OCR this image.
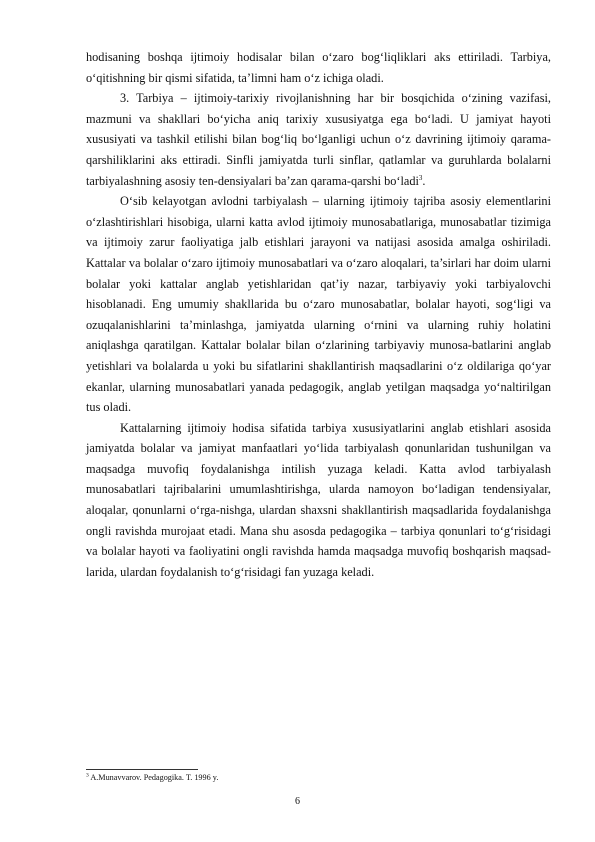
hodisaning boshqa ijtimoiy hodisalar bilan o‘zaro bog‘liqliklari aks ettiriladi. Tarbiya, o‘qitishning bir qismi sifatida, ta’limni ham o‘z ichiga oladi.

3. Tarbiya – ijtimoiy-tarixiy rivojlanishning har bir bosqichida o‘zining vazifasi, mazmuni va shakllari bo‘yicha aniq tarixiy xususiyatga ega bo‘ladi. U jamiyat hayoti xususiyati va tashkil etilishi bilan bog‘liq bo‘lganligi uchun o‘z davrining ijtimoiy qarama-qarshiliklarini aks ettiradi. Sinfli jamiyatda turli sinflar, qatlamlar va guruhlarda bolalarni tarbiyalashning asosiy ten-densiyalari ba’zan qarama-qarshi bo‘ladi$^3$.

O‘sib kelayotgan avlodni tarbiyalash – ularning ijtimoiy tajriba asosiy elementlarini o‘zlashtirishlari hisobiga, ularni katta avlod ijtimoiy munosabatlariga, munosabatlar tizimiga va ijtimoiy zarur faoliyatiga jalb etishlari jarayoni va natijasi asosida amalga oshiriladi. Kattalar va bolalar o‘zaro ijtimoiy munosabatlari va o‘zaro aloqalari, ta’sirlari har doim ularni bolalar yoki kattalar anglab yetishlaridan qat’iy nazar, tarbiyaviy yoki tarbiyalovchi hisoblanadi. Eng umumiy shakllarida bu o‘zaro munosabatlar, bolalar hayoti, sog‘ligi va ozuqalanishlarini ta’minlashga, jamiyatda ularning o‘rnini va ularning ruhiy holatini aniqlashga qaratilgan. Kattalar bolalar bilan o‘zlarining tarbiyaviy munosa-batlarini anglab yetishlari va bolalarda u yoki bu sifatlarini shakllantirish maqsadlarini o‘z oldilariga qo‘yar ekanlar, ularning munosabatlari yanada pedagogik, anglab yetilgan maqsadga yo‘naltirilgan tus oladi.

Kattalarning ijtimoiy hodisa sifatida tarbiya xususiyatlarini anglab etishlari asosida jamiyatda bolalar va jamiyat manfaatlari yo‘lida tarbiyalash qonunlaridan tushunilgan va maqsadga muvofiq foydalanishga intilish yuzaga keladi. Katta avlod tarbiyalash munosabatlari tajribalarini umumlashtirishga, ularda namoyon bo‘ladigan tendensiyalar, aloqalar, qonunlarni o‘rga-nishga, ulardan shaxsni shakllantirish maqsadlarida foydalanishga ongli ravishda murojaat etadi. Mana shu asosda pedagogika – tarbiya qonunlari to‘g‘risidagi va bolalar hayoti va faoliyatini ongli ravishda hamda maqsadga muvofiq boshqarish maqsad-larida, ulardan foydalanish to‘g‘risidagi fan yuzaga keladi.

$^3$ A.Munavvarov. Pedagogika. T. 1996 y.
6
